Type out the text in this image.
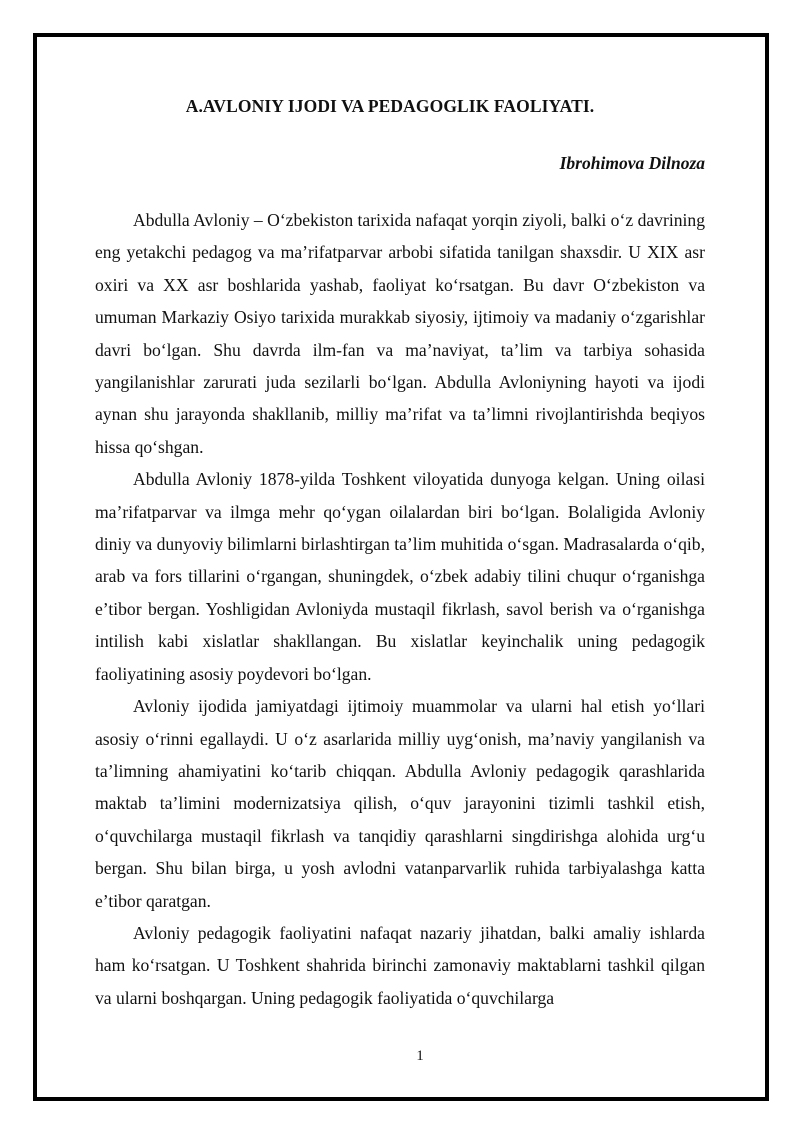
A.AVLONIY IJODI VA PEDAGOGLIK FAOLIYATI.

Ibrohimova Dilnoza

Abdulla Avloniy – O‘zbekiston tarixida nafaqat yorqin ziyoli, balki o‘z davrining eng yetakchi pedagog va ma’rifatparvar arbobi sifatida tanilgan shaxsdir. U XIX asr oxiri va XX asr boshlarida yashab, faoliyat ko‘rsatgan. Bu davr O‘zbekiston va umuman Markaziy Osiyo tarixida murakkab siyosiy, ijtimoiy va madaniy o‘zgarishlar davri bo‘lgan. Shu davrda ilm-fan va ma’naviyat, ta’lim va tarbiya sohasida yangilanishlar zarurati juda sezilarli bo‘lgan. Abdulla Avloniyning hayoti va ijodi aynan shu jarayonda shakllanib, milliy ma’rifat va ta’limni rivojlantirishda beqiyos hissa qo‘shgan.

Abdulla Avloniy 1878-yilda Toshkent viloyatida dunyoga kelgan. Uning oilasi ma’rifatparvar va ilmga mehr qo‘ygan oilalardan biri bo‘lgan. Bolaligida Avloniy diniy va dunyoviy bilimlarni birlashtirgan ta’lim muhitida o‘sgan. Madrasalarda o‘qib, arab va fors tillarini o‘rgangan, shuningdek, o‘zbek adabiy tilini chuqur o‘rganishga e’tibor bergan. Yoshligidan Avloniyda mustaqil fikrlash, savol berish va o‘rganishga intilish kabi xislatlar shakllangan. Bu xislatlar keyinchalik uning pedagogik faoliyatining asosiy poydevori bo‘lgan.

Avloniy ijodida jamiyatdagi ijtimoiy muammolar va ularni hal etish yo‘llari asosiy o‘rinni egallaydi. U o‘z asarlarida milliy uyg‘onish, ma’naviy yangilanish va ta’limning ahamiyatini ko‘tarib chiqqan. Abdulla Avloniy pedagogik qarashlarida maktab ta’limini modernizatsiya qilish, o‘quv jarayonini tizimli tashkil etish, o‘quvchilarga mustaqil fikrlash va tanqidiy qarashlarni singdirishga alohida urg‘u bergan. Shu bilan birga, u yosh avlodni vatanparvarlik ruhida tarbiyalashga katta e’tibor qaratgan.

Avloniy pedagogik faoliyatini nafaqat nazariy jihatdan, balki amaliy ishlarda ham ko‘rsatgan. U Toshkent shahrida birinchi zamonaviy maktablarni tashkil qilgan va ularni boshqargan. Uning pedagogik faoliyatida o‘quvchilarga

1
